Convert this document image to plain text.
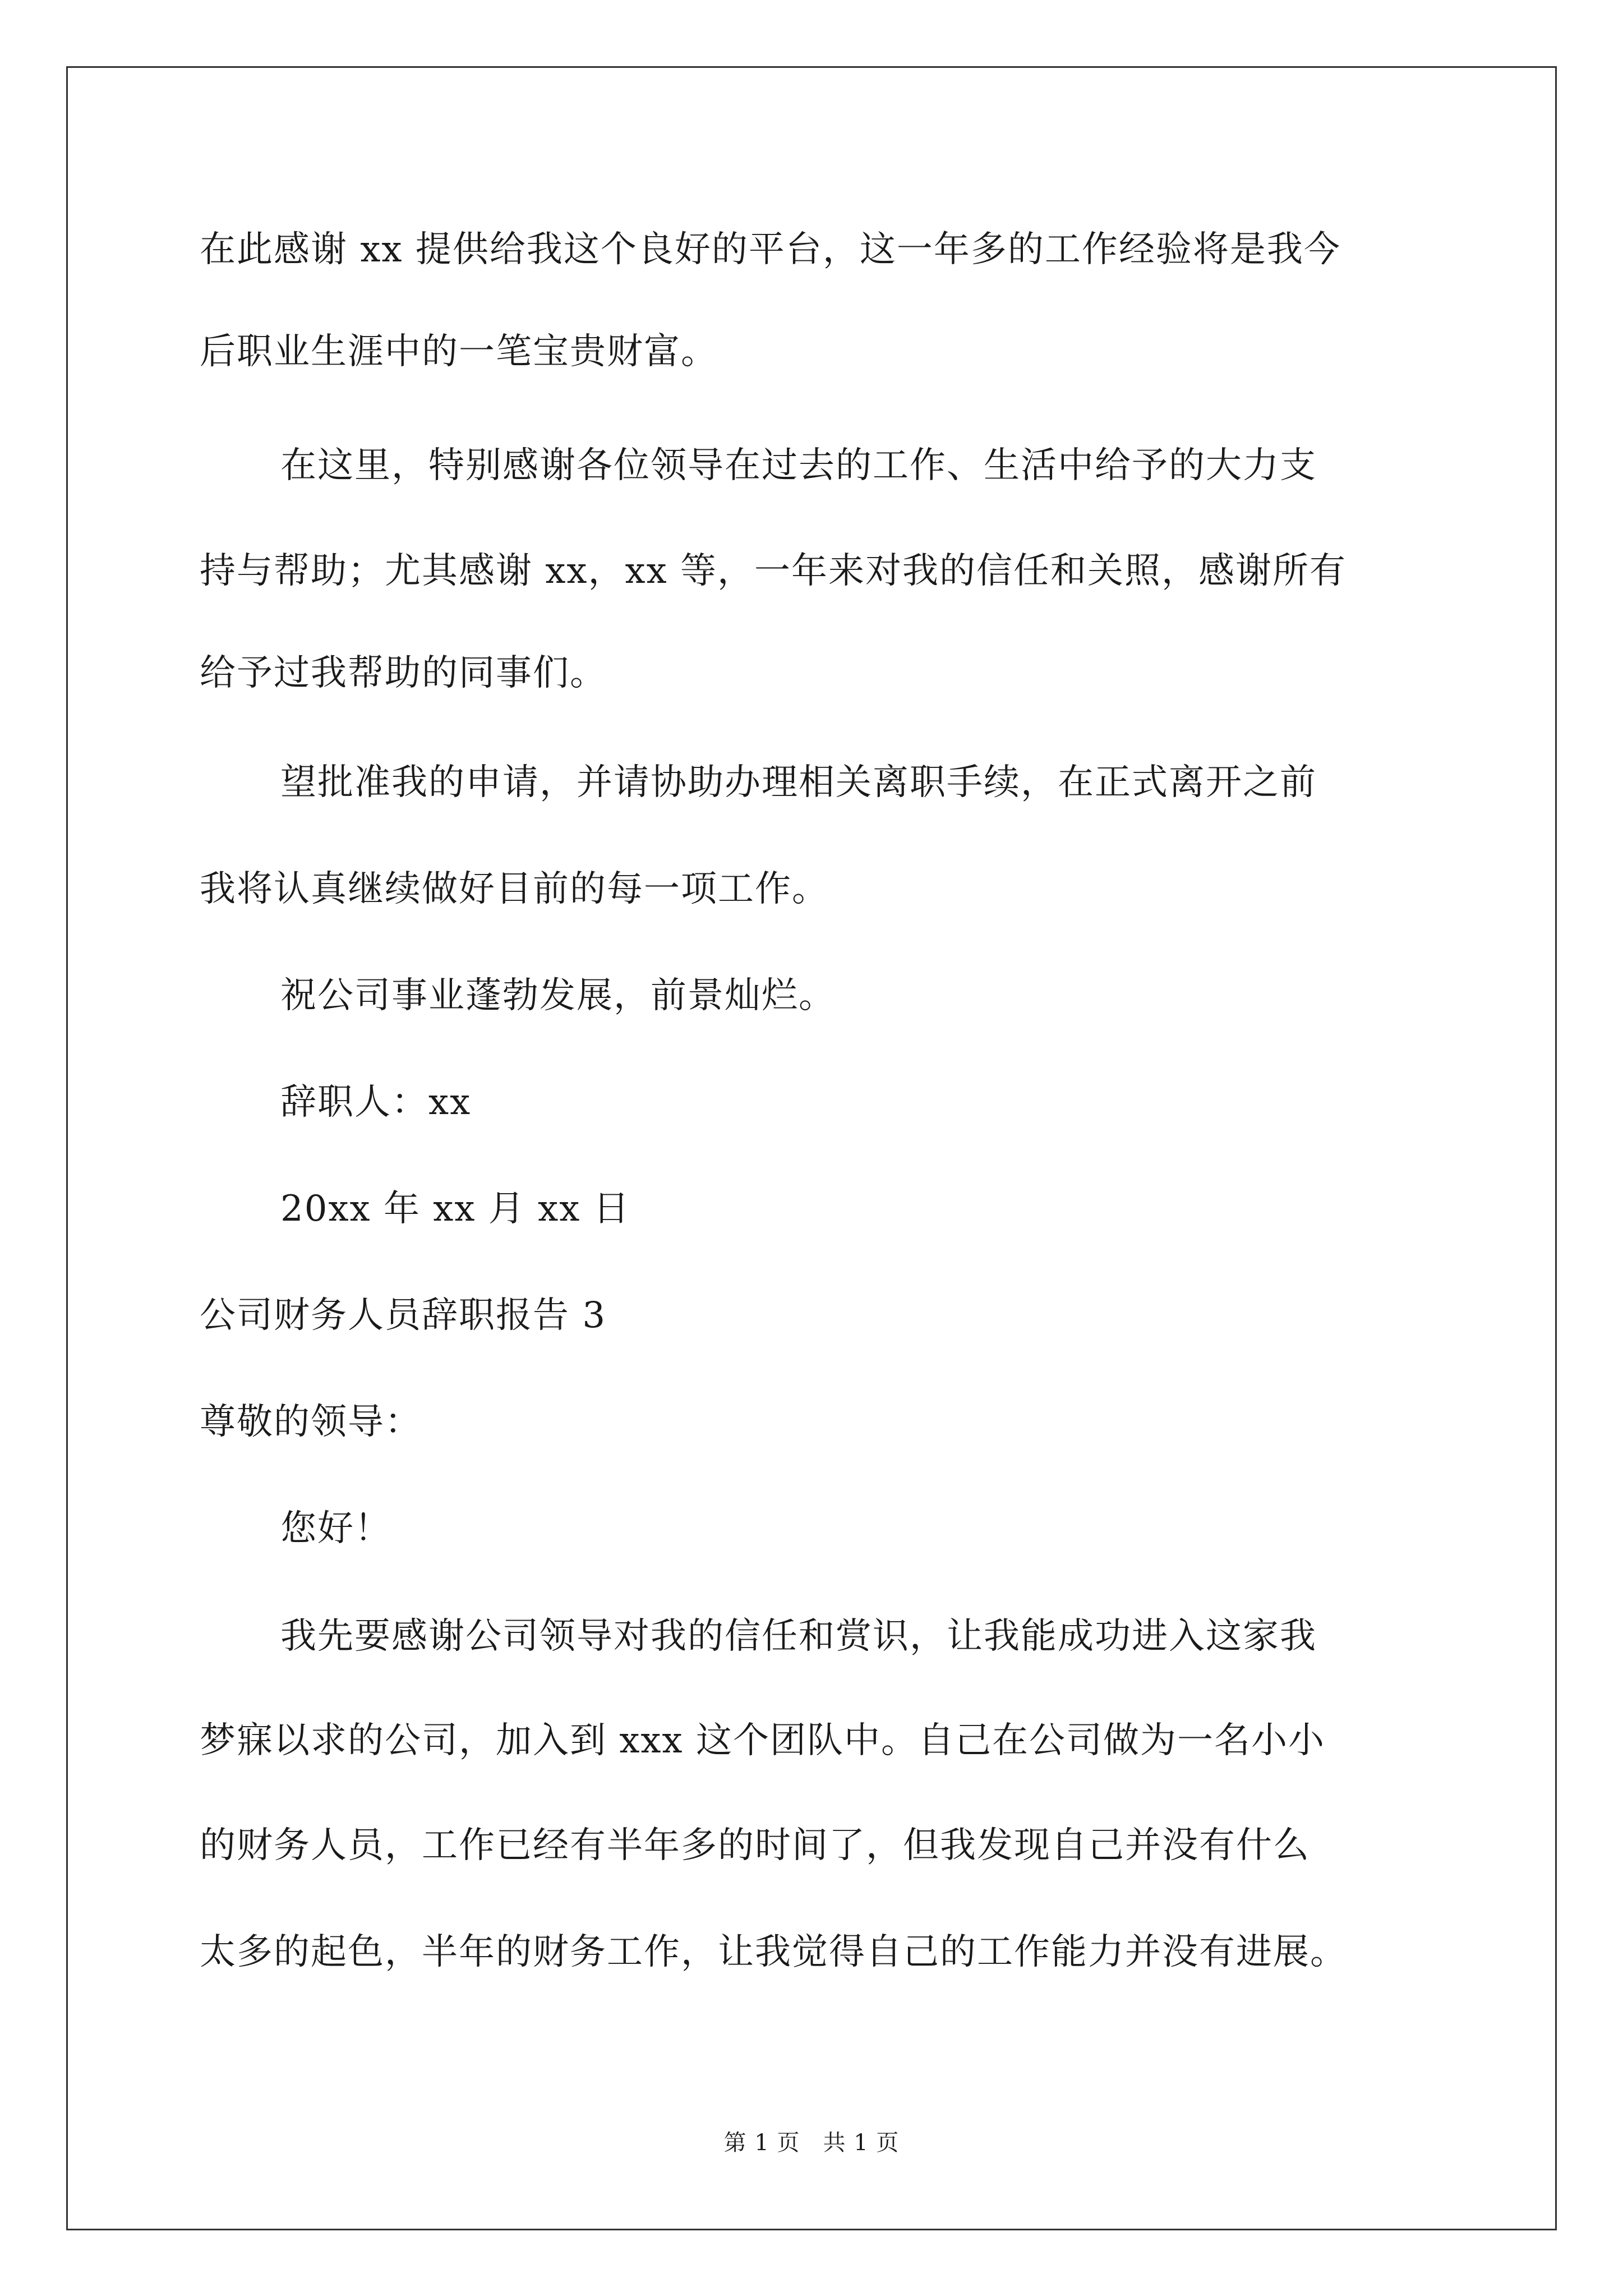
在此感谢 xx 提供给我这个良好的平台，这一年多的工作经验将是我今
后职业生涯中的一笔宝贵财富。
在这里，特别感谢各位领导在过去的工作、生活中给予的大力支
持与帮助；尤其感谢 xx，xx 等，一年来对我的信任和关照，感谢所有
给予过我帮助的同事们。
望批准我的申请，并请协助办理相关离职手续，在正式离开之前
我将认真继续做好目前的每一项工作。
祝公司事业蓬勃发展，前景灿烂。
辞职人：xx
20xx 年 xx 月 xx 日
公司财务人员辞职报告 3
尊敬的领导：
您好！
我先要感谢公司领导对我的信任和赏识，让我能成功进入这家我
梦寐以求的公司，加入到 xxx 这个团队中。自己在公司做为一名小小
的财务人员，工作已经有半年多的时间了，但我发现自己并没有什么
太多的起色，半年的财务工作，让我觉得自己的工作能力并没有进展。
第 1 页　共 1 页
